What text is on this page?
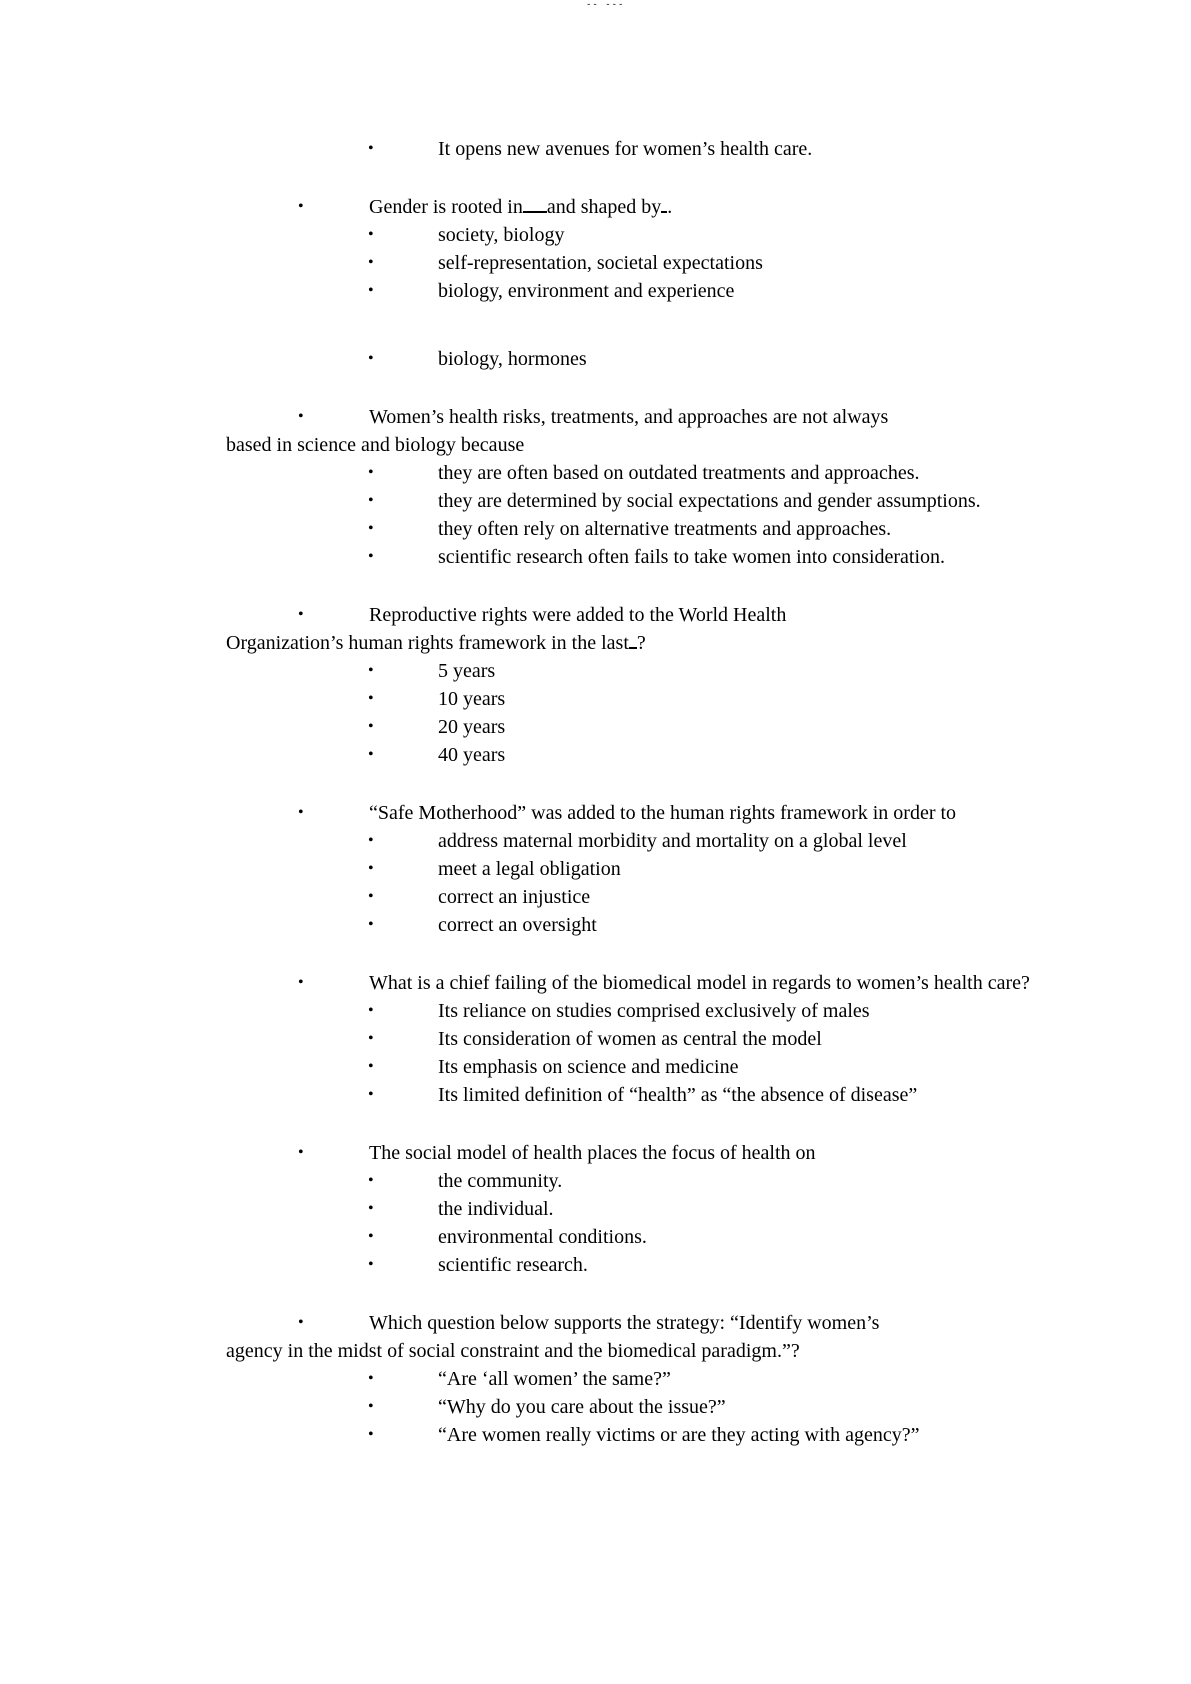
-- ---
•	It opens new avenues for women’s health care.
•	Gender is rooted in and shaped by .
•	society, biology
•	self-representation, societal expectations
•	biology, environment and experience
•	biology, hormones
•	Women’s health risks, treatments, and approaches are not always
based in science and biology because
•	they are often based on outdated treatments and approaches.
•	they are determined by social expectations and gender assumptions.
•	they often rely on alternative treatments and approaches.
•	scientific research often fails to take women into consideration.
•	Reproductive rights were added to the World Health
Organization’s human rights framework in the last ?
•	5 years
•	10 years
•	20 years
•	40 years
•	“Safe Motherhood” was added to the human rights framework in order to
•	address maternal morbidity and mortality on a global level
•	meet a legal obligation
•	correct an injustice
•	correct an oversight
•	What is a chief failing of the biomedical model in regards to women’s health care?
•	Its reliance on studies comprised exclusively of males
•	Its consideration of women as central the model
•	Its emphasis on science and medicine
•	Its limited definition of “health” as “the absence of disease”
•	The social model of health places the focus of health on
•	the community.
•	the individual.
•	environmental conditions.
•	scientific research.
•	Which question below supports the strategy: “Identify women’s
agency in the midst of social constraint and the biomedical paradigm.”?
•	“Are ‘all women’ the same?”
•	“Why do you care about the issue?”
•	“Are women really victims or are they acting with agency?”
